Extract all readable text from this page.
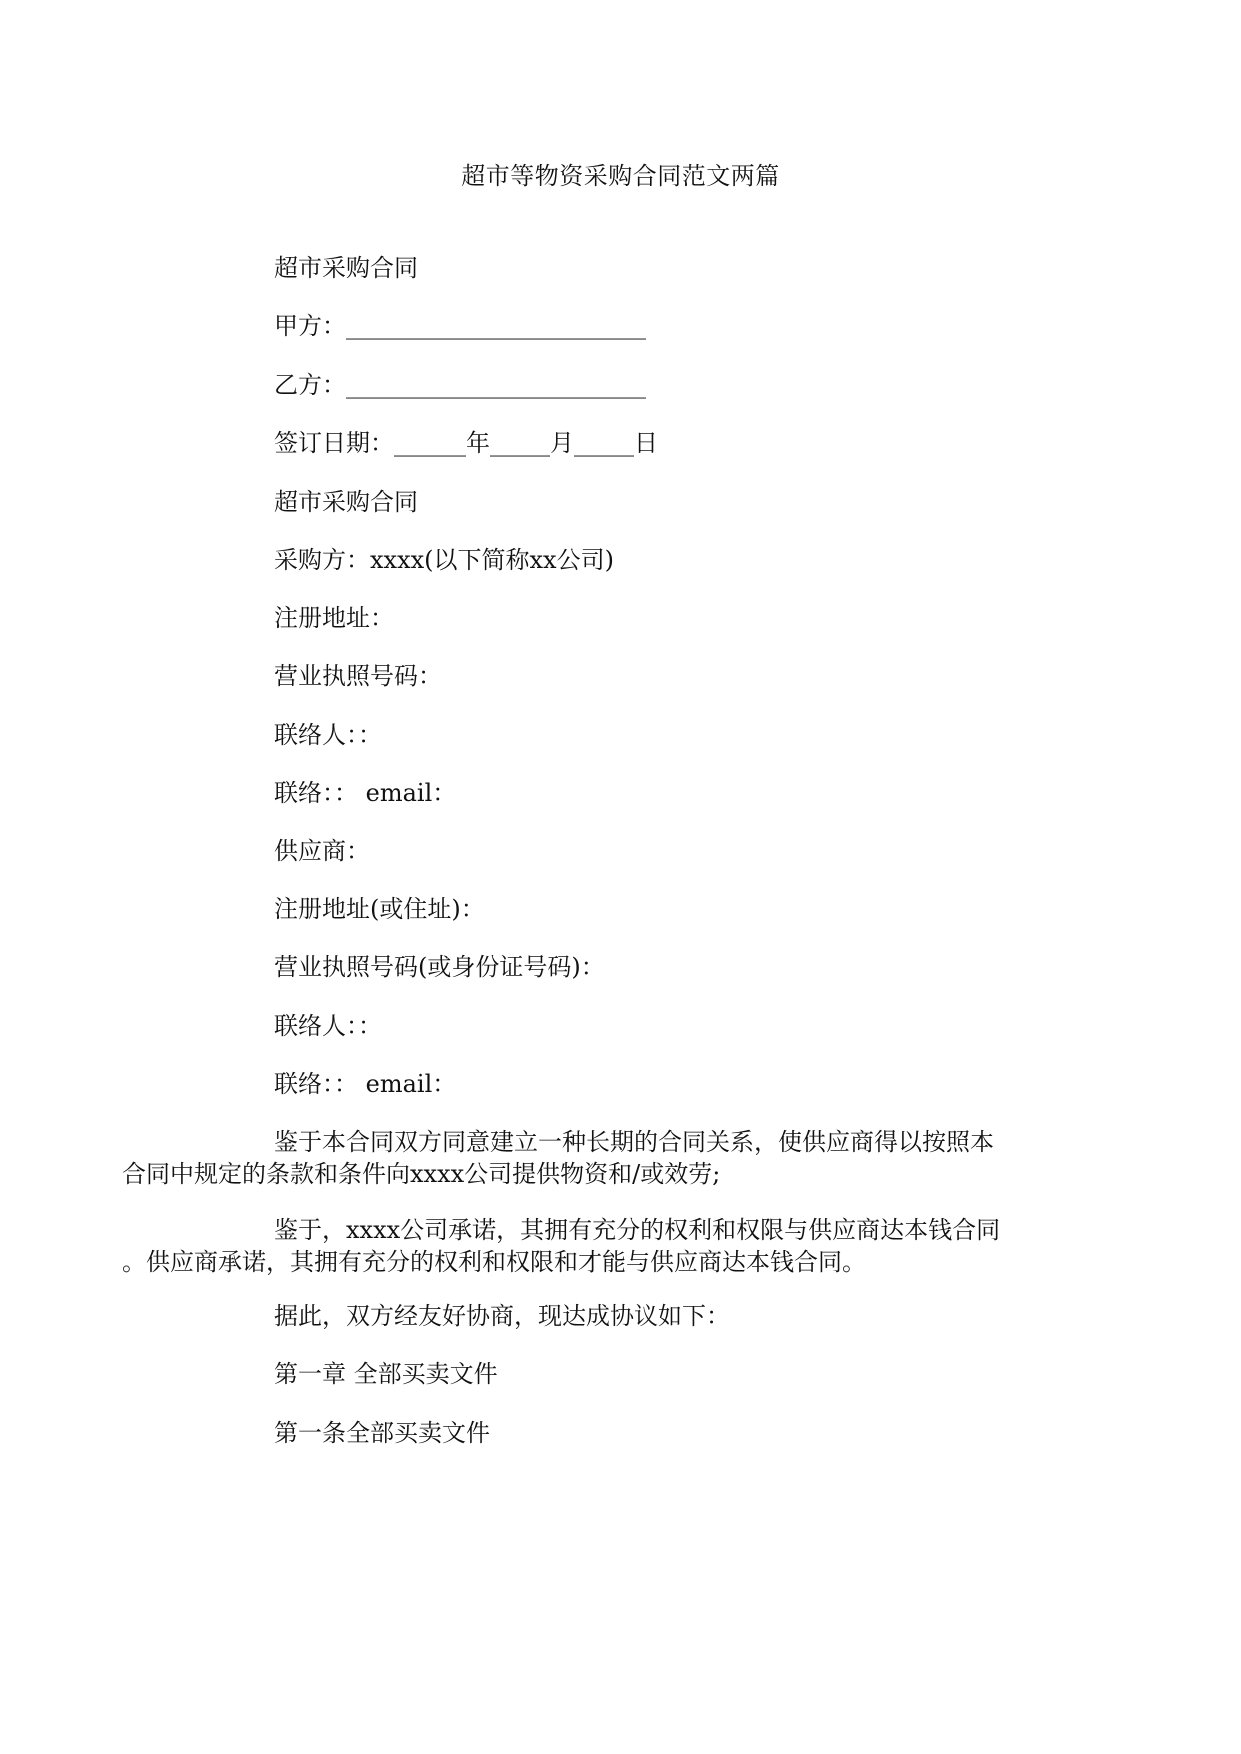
超市等物资采购合同范文两篇

超市采购合同

甲方：_________________________

乙方：_________________________

签订日期：______年_____月_____日

超市采购合同

采购方：xxxx(以下简称xx公司)

注册地址：

营业执照号码：

联络人：：

联络：： email：

供应商：

注册地址(或住址)：

营业执照号码(或身份证号码)：

联络人：：

联络：： email：

鉴于本合同双方同意建立一种长期的合同关系，使供应商得以按照本
合同中规定的条款和条件向xxxx公司提供物资和/或效劳;
鉴于，xxxx公司承诺，其拥有充分的权利和权限与供应商达本钱合同
。供应商承诺，其拥有充分的权利和权限和才能与供应商达本钱合同。

据此，双方经友好协商，现达成协议如下：

第一章 全部买卖文件

第一条全部买卖文件
